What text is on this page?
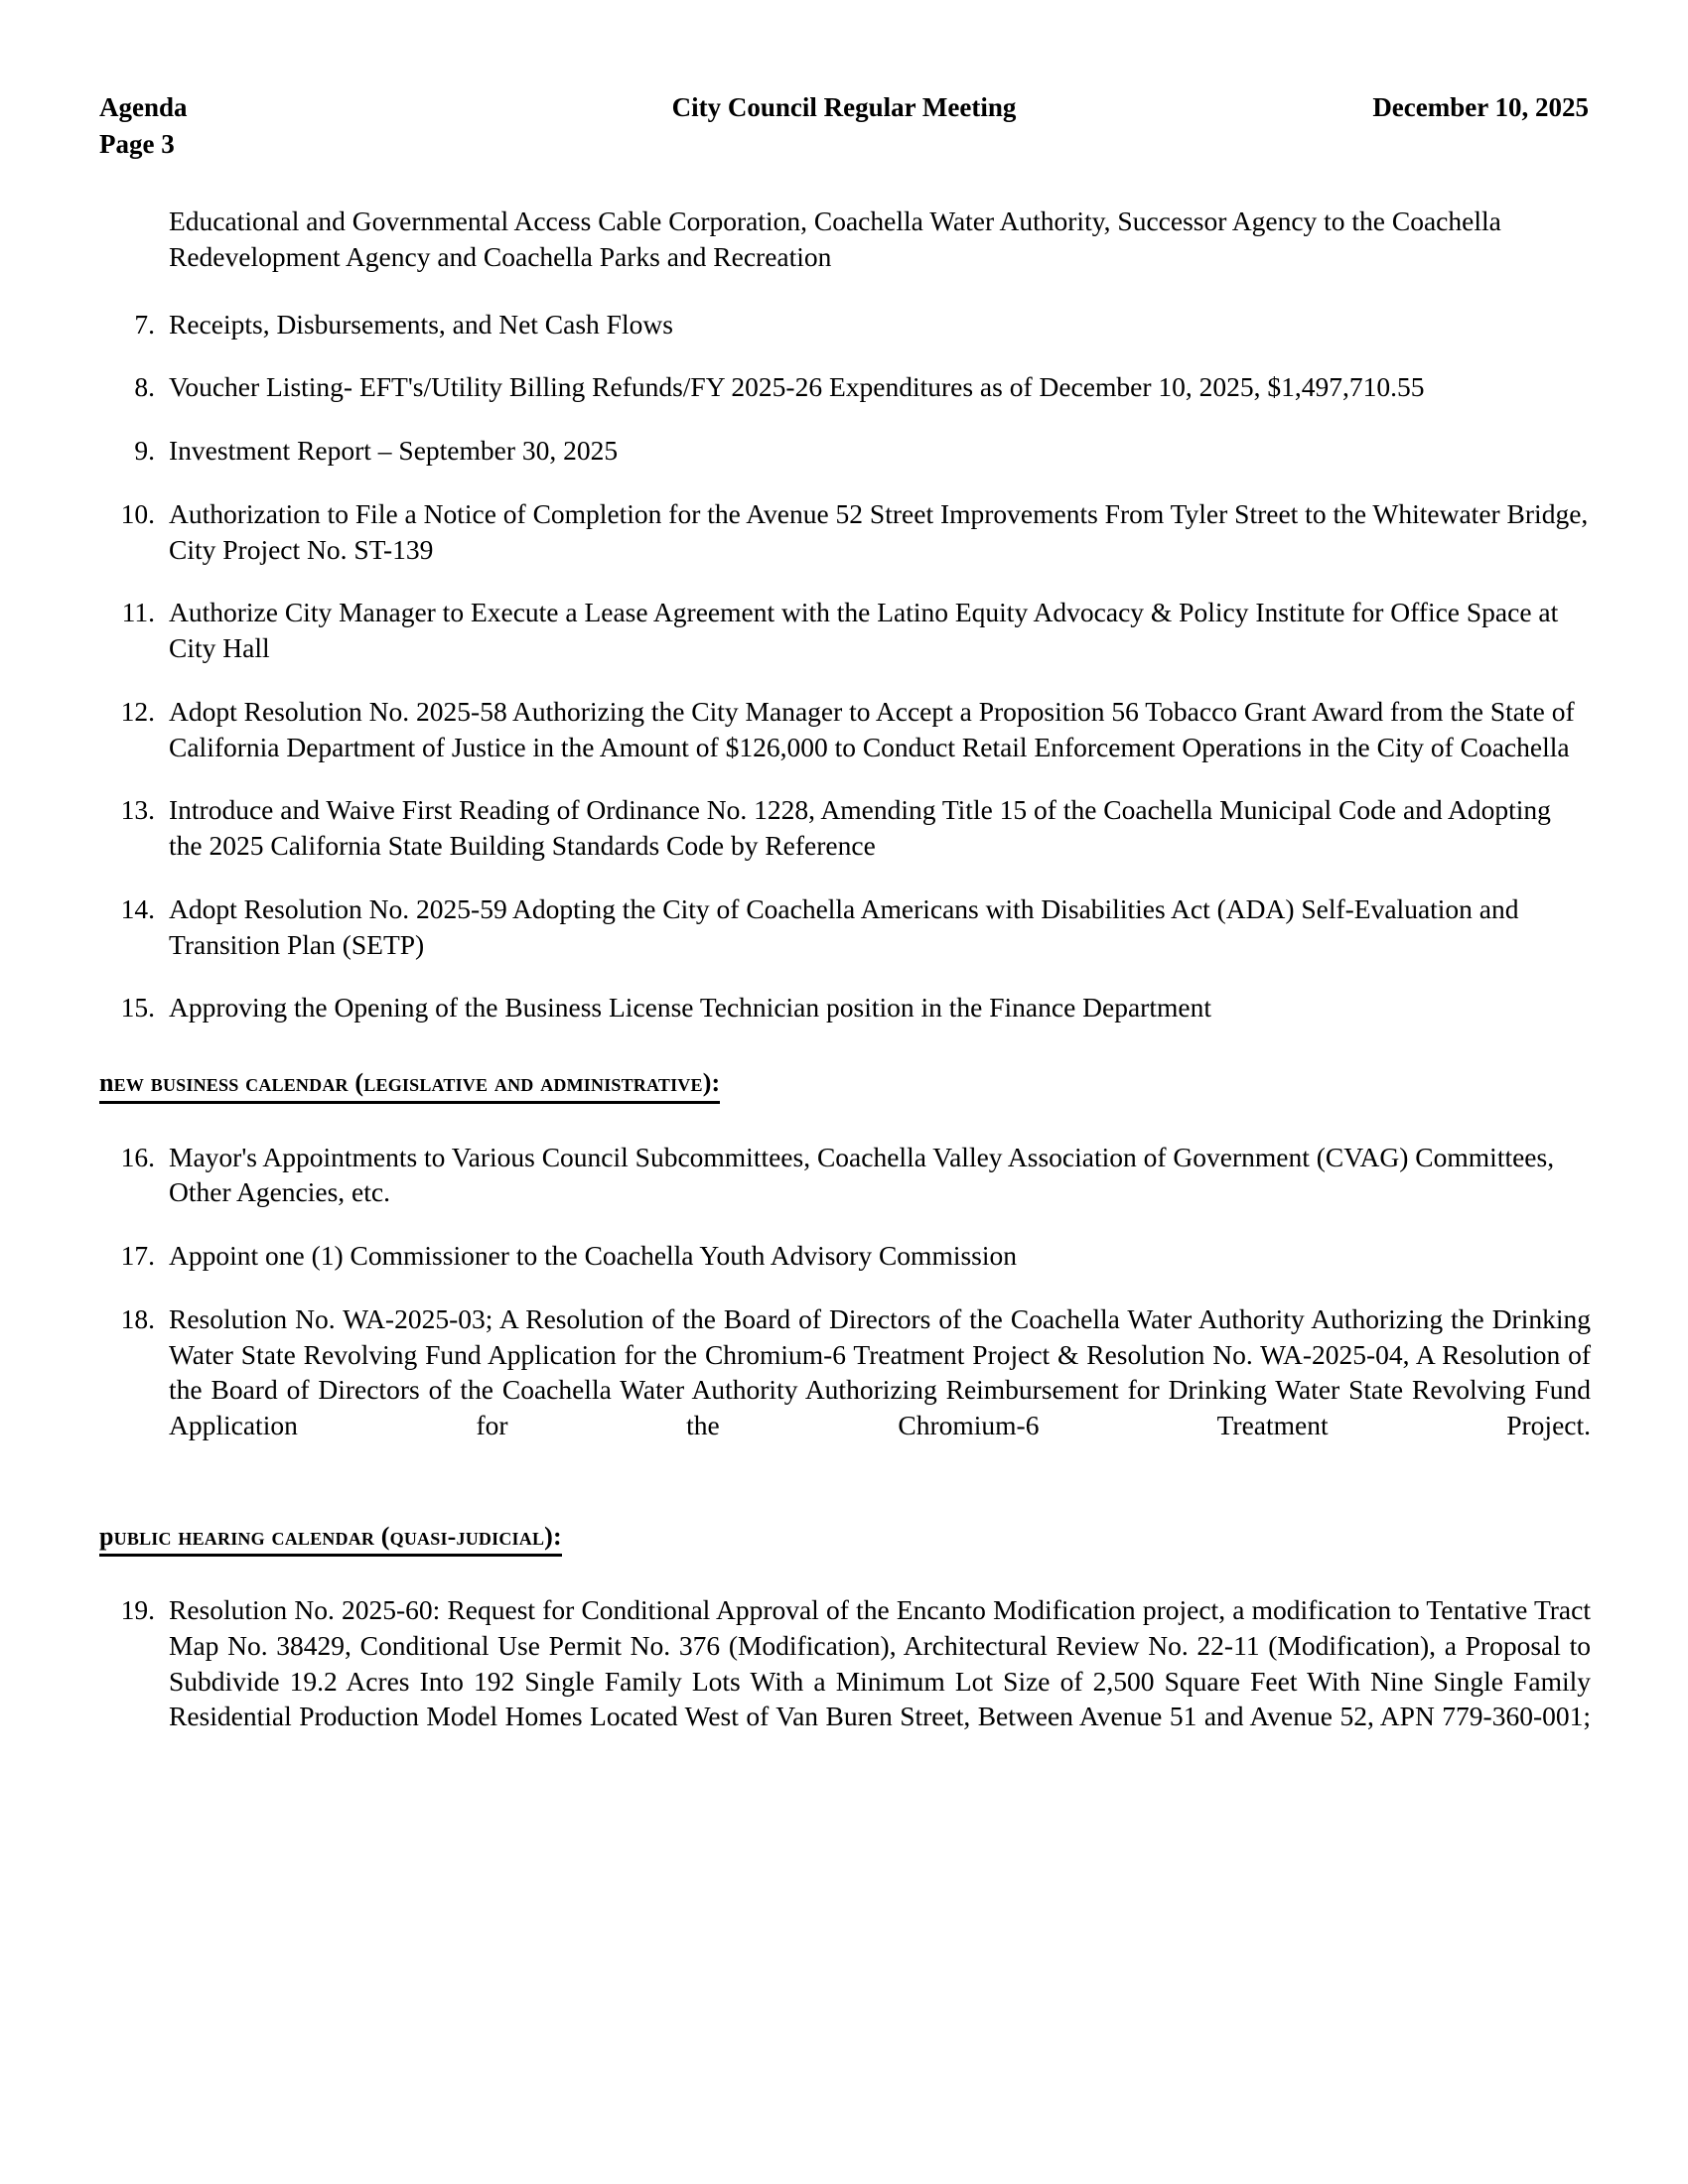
Agenda	City Council Regular Meeting	December 10, 2025
Page 3

Educational and Governmental Access Cable Corporation, Coachella Water Authority, Successor Agency to the Coachella Redevelopment Agency and Coachella Parks and Recreation

7. Receipts, Disbursements, and Net Cash Flows
8. Voucher Listing- EFT's/Utility Billing Refunds/FY 2025-26 Expenditures as of December 10, 2025, $1,497,710.55
9. Investment Report – September 30, 2025
10. Authorization to File a Notice of Completion for the Avenue 52 Street Improvements From Tyler Street to the Whitewater Bridge, City Project No. ST-139
11. Authorize City Manager to Execute a Lease Agreement with the Latino Equity Advocacy & Policy Institute for Office Space at City Hall
12. Adopt Resolution No. 2025-58 Authorizing the City Manager to Accept a Proposition 56 Tobacco Grant Award from the State of California Department of Justice in the Amount of $126,000 to Conduct Retail Enforcement Operations in the City of Coachella
13. Introduce and Waive First Reading of Ordinance No. 1228, Amending Title 15 of the Coachella Municipal Code and Adopting the 2025 California State Building Standards Code by Reference
14. Adopt Resolution No. 2025-59 Adopting the City of Coachella Americans with Disabilities Act (ADA) Self-Evaluation and Transition Plan (SETP)
15. Approving the Opening of the Business License Technician position in the Finance Department
new business calendar (legislative and administrative):
16. Mayor's Appointments to Various Council Subcommittees, Coachella Valley Association of Government (CVAG) Committees, Other Agencies, etc.
17. Appoint one (1) Commissioner to the Coachella Youth Advisory Commission
18. Resolution No. WA-2025-03; A Resolution of the Board of Directors of the Coachella Water Authority Authorizing the Drinking Water State Revolving Fund Application for the Chromium-6 Treatment Project & Resolution No. WA-2025-04, A Resolution of the Board of Directors of the Coachella Water Authority Authorizing Reimbursement for Drinking Water State Revolving Fund Application for the Chromium-6 Treatment Project.
public hearing calendar (quasi-judicial):
19. Resolution No. 2025-60: Request for Conditional Approval of the Encanto Modification project, a modification to Tentative Tract Map No. 38429, Conditional Use Permit No. 376 (Modification), Architectural Review No. 22-11 (Modification), a Proposal to Subdivide 19.2 Acres Into 192 Single Family Lots With a Minimum Lot Size of 2,500 Square Feet With Nine Single Family Residential Production Model Homes Located West of Van Buren Street, Between Avenue 51 and Avenue 52, APN 779-360-001;
